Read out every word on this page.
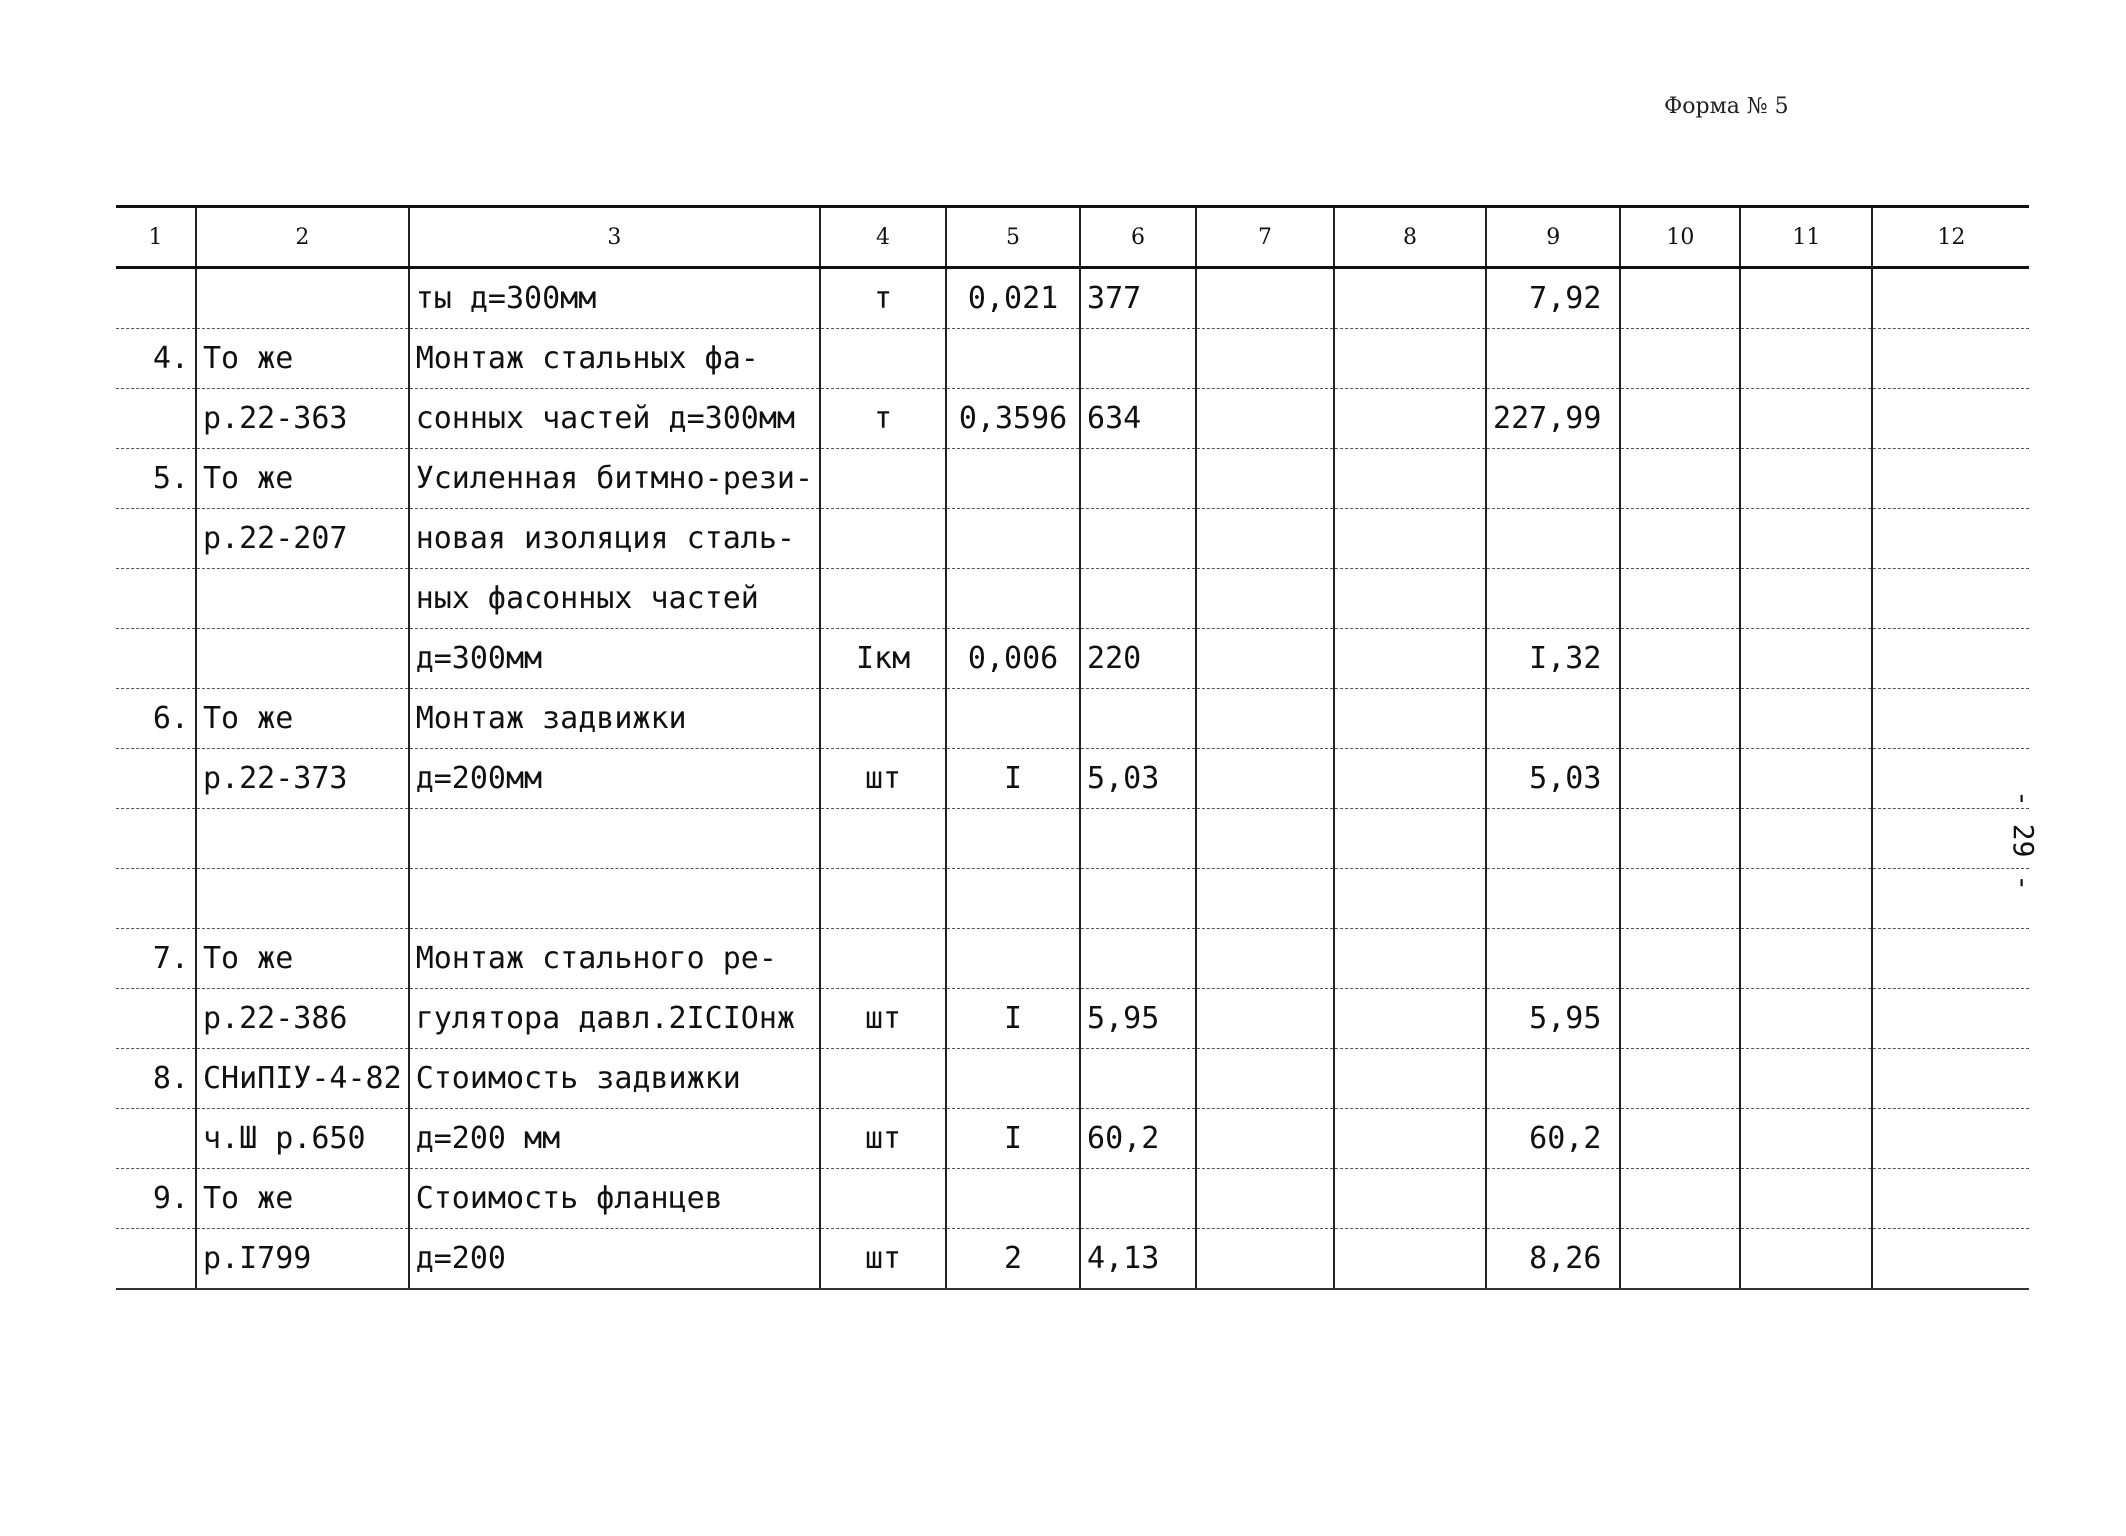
Форма № 5
- 29 -
1	2	3	4	5	6	7	8	9	10	11	12
		ты д=300мм	т	0,021	377			7,92			
4.	То же	Монтаж стальных фа-									
	р.22-363	сонных частей д=300мм	т	0,3596	634			227,99			
5.	То же	Усиленная битмно-рези-									
	р.22-207	новая изоляция сталь-									
		ных фасонных частей									
		д=300мм	Iкм	0,006	220			I,32			
6.	То же	Монтаж задвижки									
	р.22-373	д=200мм	шт	I	5,03			5,03			

7.	То же	Монтаж стального ре-									
	р.22-386	гулятора давл.2IСIОнж	шт	I	5,95			5,95			
8.	СНиПIУ-4-82	Стоимость задвижки									
	ч.Ш р.650	д=200 мм	шт	I	60,2			60,2			
9.	То же	Стоимость фланцев									
	р.I799	д=200	шт	2	4,13			8,26			
